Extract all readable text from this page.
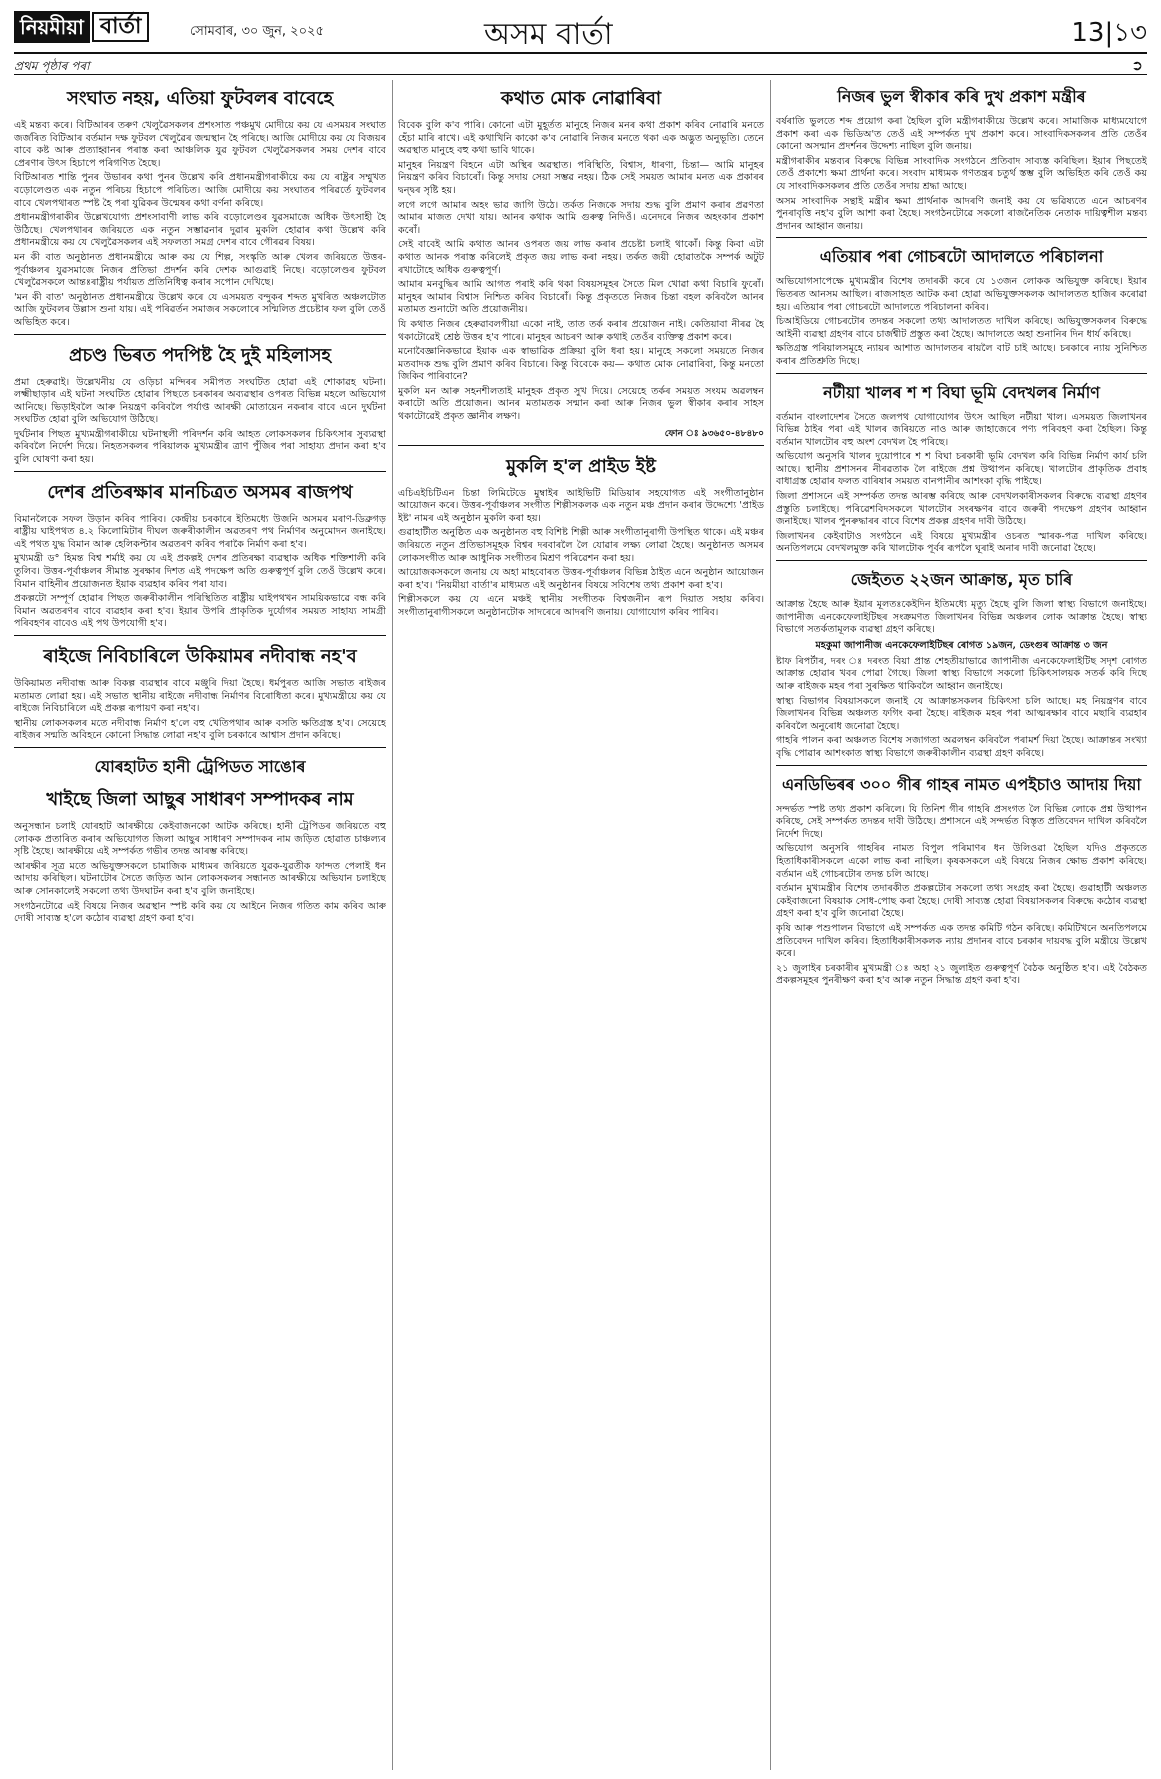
নিয়মীয়া বাৰ্তা	সোমবাৰ, ৩০ জুন, ২০২৫	অসম বাৰ্তা	13|১৩
প্ৰথম পৃষ্ঠাৰ পৰা	➲
সংঘাত নহয়, এতিয়া ফুটবলৰ বাবেহে

এই মন্তব্য কৰে। বিটিআৰৰ তৰুণ খেলুৱৈসকলৰ প্ৰশংসাত পঞ্চমুখ মোদীয়ে কয় যে এসময়ৰ সংঘাত জৰ্জৰিত বিটিআৰ বৰ্তমান দক্ষ ফুটবল খেলুৱৈৰ জন্মস্থান হৈ পৰিছে। আজি মোদীয়ে কয় যে বিজয়ৰ বাবে কষ্ট আৰু প্ৰত্যাহ্বানৰ পৰাস্ত কৰা আঞ্চলিক যুৱ ফুটবল খেলুৱৈসকলৰ সময় দেশৰ বাবে প্ৰেৰণাৰ উৎস হিচাপে পৰিগণিত হৈছে।

বিটিআৰত শান্তি পুনৰ উভাৰৰ কথা পুনৰ উল্লেখ কৰি প্ৰধানমন্ত্ৰীগৰাকীয়ে কয় যে ৰাষ্ট্ৰৰ সম্মুখত বড়োলেণ্ডত এক নতুন পৰিচয় হিচাপে পৰিচিত। আজি মোদীয়ে কয় সংঘাতৰ পৰিৱৰ্তে ফুটবলৰ বাবে খেলপথাৰত স্পষ্ট হৈ পৰা যুৱিকৰ উন্মেষৰ কথা বৰ্ণনা কৰিছে।

প্ৰধানমন্ত্ৰীগৰাকীৰ উল্লেখযোগ্য প্ৰশংসাবাণী লাভ কৰি বড়োলেণ্ডৰ যুৱসমাজে অধিক উৎসাহী হৈ উঠিছে। খেলপথাৰৰ জৰিয়তে এক নতুন সম্ভাৱনাৰ দুৱাৰ মুকলি হোৱাৰ কথা উল্লেখ কৰি প্ৰধানমন্ত্ৰীয়ে কয় যে খেলুৱৈসকলৰ এই সফলতা সমগ্ৰ দেশৰ বাবে গৌৰৱৰ বিষয়।

মন কী বাত অনুষ্ঠানত প্ৰধানমন্ত্ৰীয়ে আৰু কয় যে শিল্প, সংস্কৃতি আৰু খেলৰ জৰিয়তে উত্তৰ-পূৰ্বাঞ্চলৰ যুৱসমাজে নিজৰ প্ৰতিভা প্ৰদৰ্শন কৰি দেশক আগুৱাই নিছে। বড়োলেণ্ডৰ ফুটবল খেলুৱৈসকলে আন্তঃৰাষ্ট্ৰীয় পৰ্যায়ত প্ৰতিনিধিত্ব কৰাৰ সপোন দেখিছে।

'মন কী বাত' অনুষ্ঠানত প্ৰধানমন্ত্ৰীয়ে উল্লেখ কৰে যে এসময়ত বন্দুকৰ শব্দত মুখৰিত অঞ্চলটোত আজি ফুটবলৰ উল্লাস শুনা যায়। এই পৰিৱৰ্তন সমাজৰ সকলোৰে সন্মিলিত প্ৰচেষ্টাৰ ফল বুলি তেওঁ অভিহিত কৰে।

প্ৰচণ্ড ভিৰত পদপিষ্ট হৈ দুই মহিলাসহ

প্ৰমা হেৰুৱাই। উল্লেখনীয় যে ওড়িচা মন্দিৰৰ সমীপত সংঘটিত হোৱা এই শোকাৱহ ঘটনা। লক্ষ্মীছাড়াৰ এই ঘটনা সংঘটিত হোৱাৰ পিছতে চৰকাৰৰ অব্যৱস্থাৰ ওপৰত বিভিন্ন মহলে অভিযোগ আনিছে। ভিড়াইবলৈ আৰু নিয়ন্ত্ৰণ কৰিবলৈ পৰ্যাপ্ত আৰক্ষী মোতায়েন নকৰাৰ বাবে এনে দুৰ্ঘটনা সংঘটিত হোৱা বুলি অভিযোগ উঠিছে।

দুৰ্ঘটনাৰ পিছত মুখ্যমন্ত্ৰীগৰাকীয়ে ঘটনাস্থলী পৰিদৰ্শন কৰি আহত লোকসকলৰ চিকিৎসাৰ সুব্যৱস্থা কৰিবলৈ নিৰ্দেশ দিয়ে। নিহতসকলৰ পৰিয়ালক মুখ্যমন্ত্ৰীৰ ত্ৰাণ পুঁজিৰ পৰা সাহায্য প্ৰদান কৰা হ'ব বুলি ঘোষণা কৰা হয়।

দেশৰ প্ৰতিৰক্ষাৰ মানচিত্ৰত অসমৰ ৰাজপথ

বিমানলৈকে সফল উড়ান কৰিব পাৰিব। কেন্দ্ৰীয় চৰকাৰে ইতিমধ্যে উজনি অসমৰ মৰাণ-ডিব্ৰুগড় ৰাষ্ট্ৰীয় ঘাইপথত ৪.২ কিলোমিটাৰ দীঘল জৰুৰীকালীন অৱতৰণ পথ নিৰ্মাণৰ অনুমোদন জনাইছে। এই পথত যুদ্ধ বিমান আৰু হেলিকপ্টাৰ অৱতৰণ কৰিব পৰাকৈ নিৰ্মাণ কৰা হ'ব।

মুখ্যমন্ত্ৰী ড° হিমন্ত বিশ্ব শৰ্মাই কয় যে এই প্ৰকল্পই দেশৰ প্ৰতিৰক্ষা ব্যৱস্থাক অধিক শক্তিশালী কৰি তুলিব। উত্তৰ-পূৰ্বাঞ্চলৰ সীমান্ত সুৰক্ষাৰ দিশত এই পদক্ষেপ অতি গুৰুত্বপূৰ্ণ বুলি তেওঁ উল্লেখ কৰে। বিমান বাহিনীৰ প্ৰয়োজনত ইয়াক ব্যৱহাৰ কৰিব পৰা যাব।

প্ৰকল্পটো সম্পূৰ্ণ হোৱাৰ পিছত জৰুৰীকালীন পৰিস্থিতিত ৰাষ্ট্ৰীয় ঘাইপথখন সাময়িকভাৱে বন্ধ কৰি বিমান অৱতৰণৰ বাবে ব্যৱহাৰ কৰা হ'ব। ইয়াৰ উপৰি প্ৰাকৃতিক দুৰ্যোগৰ সময়ত সাহায্য সামগ্ৰী পৰিবহণৰ বাবেও এই পথ উপযোগী হ'ব।

ৰাইজে নিবিচাৰিলে উকিয়ামৰ নদীবান্ধ নহ'ব

উকিয়ামত নদীবান্ধ আৰু বিকল্প ব্যৱস্থাৰ বাবে মঞ্জুৰি দিয়া হৈছে। ধৰ্মপুৰত আজি সভাত ৰাইজৰ মতামত লোৱা হয়। এই সভাত স্থানীয় ৰাইজে নদীবান্ধ নিৰ্মাণৰ বিৰোধিতা কৰে। মুখ্যমন্ত্ৰীয়ে কয় যে ৰাইজে নিবিচাৰিলে এই প্ৰকল্প ৰূপায়ণ কৰা নহ'ব।

স্থানীয় লোকসকলৰ মতে নদীবান্ধ নিৰ্মাণ হ'লে বহু খেতিপথাৰ আৰু বসতি ক্ষতিগ্ৰস্ত হ'ব। সেয়েহে ৰাইজৰ সন্মতি অবিহনে কোনো সিদ্ধান্ত লোৱা নহ'ব বুলি চৰকাৰে আশ্বাস প্ৰদান কৰিছে।

যোৰহাটত হানী ট্ৰেপিডত সাঙোৰ
খাইছে জিলা আছুৰ সাধাৰণ সম্পাদকৰ নাম

অনুসন্ধান চলাই যোৰহাট আৰক্ষীয়ে কেইবাজনকো আটক কৰিছে। হানী ট্ৰেপিডৰ জৰিয়তে বহু লোকক প্ৰতাৰিত কৰাৰ অভিযোগত জিলা আছুৰ সাধাৰণ সম্পাদকৰ নাম জড়িত হোৱাত চাঞ্চল্যৰ সৃষ্টি হৈছে। আৰক্ষীয়ে এই সম্পৰ্কত গভীৰ তদন্ত আৰম্ভ কৰিছে।

আৰক্ষীৰ সূত্ৰ মতে অভিযুক্তসকলে চামাজিক মাধ্যমৰ জৰিয়তে যুৱক-যুৱতীক ফান্দত পেলাই ধন আদায় কৰিছিল। ঘটনাটোৰ সৈতে জড়িত আন লোকসকলৰ সন্ধানত আৰক্ষীয়ে অভিযান চলাইছে আৰু সোনকালেই সকলো তথ্য উদঘাটন কৰা হ'ব বুলি জনাইছে।

সংগঠনটোৱে এই বিষয়ে নিজৰ অৱস্থান স্পষ্ট কৰি কয় যে আইনে নিজৰ গতিত কাম কৰিব আৰু দোষী সাব্যস্ত হ'লে কঠোৰ ব্যৱস্থা গ্ৰহণ কৰা হ'ব।

কথাত মোক নোৱাৰিবা

বিবেক বুলি ক'ব পাৰি। কোনো এটা মুহূৰ্তত মানুহে নিজৰ মনৰ কথা প্ৰকাশ কৰিব নোৱাৰি মনতে হেঁচা মাৰি ৰাখে। এই কথাখিনি কাকো ক'ব নোৱাৰি নিজৰ মনতে থকা এক অদ্ভুত অনুভূতি। তেনে অৱস্থাত মানুহে বহু কথা ভাবি থাকে।

মানুহৰ নিয়ন্ত্ৰণ বিহনে এটা অস্থিৰ অৱস্থাত। পৰিস্থিতি, বিশ্বাস, ধাৰণা, চিন্তা— আমি মানুহৰ নিয়ন্ত্ৰণ কৰিব বিচাৰোঁ। কিন্তু সদায় সেয়া সম্ভৱ নহয়। ঠিক সেই সময়ত আমাৰ মনত এক প্ৰকাৰৰ দ্বন্দ্বৰ সৃষ্টি হয়।

লগে লগে আমাৰ অহং ভাৱ জাগি উঠে। তৰ্কত নিজকে সদায় শুদ্ধ বুলি প্ৰমাণ কৰাৰ প্ৰৱণতা আমাৰ মাজত দেখা যায়। আনৰ কথাক আমি গুৰুত্ব নিদিওঁ। এনেদৰে নিজৰ অহংকাৰ প্ৰকাশ কৰোঁ।

সেই বাবেই আমি কথাত আনৰ ওপৰত জয় লাভ কৰাৰ প্ৰচেষ্টা চলাই থাকোঁ। কিন্তু কিবা এটা কথাত আনক পৰাস্ত কৰিলেই প্ৰকৃত জয় লাভ কৰা নহয়। তৰ্কত জয়ী হোৱাতকৈ সম্পৰ্ক অটুট ৰখাটোহে অধিক গুৰুত্বপূৰ্ণ।

আমাৰ মনবুদ্ধিৰ আমি আগত পৰাই কৰি থকা বিষয়সমূহৰ সৈতে মিল খোৱা কথা বিচাৰি ফুৰোঁ। মানুহৰ আমাৰ বিশ্বাস নিশ্চিত কৰিব বিচাৰোঁ। কিন্তু প্ৰকৃততে নিজৰ চিন্তা বহল কৰিবলৈ আনৰ মতামত শুনাটো অতি প্ৰয়োজনীয়।

যি কথাত নিজৰ হেৰুৱাবলগীয়া একো নাই, তাত তৰ্ক কৰাৰ প্ৰয়োজন নাই। কেতিয়াবা নীৰৱ হৈ থকাটোৱেই শ্ৰেষ্ঠ উত্তৰ হ'ব পাৰে। মানুহৰ আচৰণ আৰু কথাই তেওঁৰ ব্যক্তিত্ব প্ৰকাশ কৰে।

মনোবৈজ্ঞানিকভাৱে ইয়াক এক স্বাভাৱিক প্ৰক্ৰিয়া বুলি ধৰা হয়। মানুহে সকলো সময়তে নিজৰ মতবাদক শুদ্ধ বুলি প্ৰমাণ কৰিব বিচাৰে। কিন্তু বিবেকে কয়— কথাত মোক নোৱাৰিবা, কিন্তু মনতো জিকিব পাৰিবানে?

মুকলি মন আৰু সহনশীলতাই মানুহক প্ৰকৃত সুখ দিয়ে। সেয়েহে তৰ্কৰ সময়ত সংযম অৱলম্বন কৰাটো অতি প্ৰয়োজন। আনৰ মতামতক সন্মান কৰা আৰু নিজৰ ভুল স্বীকাৰ কৰাৰ সাহস থকাটোৱেই প্ৰকৃত জ্ঞানীৰ লক্ষণ।

ফোন ঃ ৯৩৬৫০-৪৮৪৮০
মুকলি হ'ল প্ৰাইড ইষ্ট

এচিএইচিটিএন চিন্তা লিমিটেডে মুম্বাইৰ আইভিটি মিডিয়াৰ সহযোগত এই সংগীতানুষ্ঠান আয়োজন কৰে। উত্তৰ-পূৰ্বাঞ্চলৰ সংগীত শিল্পীসকলক এক নতুন মঞ্চ প্ৰদান কৰাৰ উদ্দেশ্যে 'প্ৰাইড ইষ্ট' নামৰ এই অনুষ্ঠান মুকলি কৰা হয়।

গুৱাহাটীত অনুষ্ঠিত এক অনুষ্ঠানত বহু বিশিষ্ট শিল্পী আৰু সংগীতানুৰাগী উপস্থিত থাকে। এই মঞ্চৰ জৰিয়তে নতুন প্ৰতিভাসমূহক বিশ্বৰ দৰবাৰলৈ লৈ যোৱাৰ লক্ষ্য লোৱা হৈছে। অনুষ্ঠানত অসমৰ লোকসংগীত আৰু আধুনিক সংগীতৰ মিশ্ৰণ পৰিৱেশন কৰা হয়।

আয়োজকসকলে জনায় যে অহা মাহবোৰত উত্তৰ-পূৰ্বাঞ্চলৰ বিভিন্ন ঠাইত এনে অনুষ্ঠান আয়োজন কৰা হ'ব। 'নিয়মীয়া বাৰ্তা'ৰ মাধ্যমত এই অনুষ্ঠানৰ বিষয়ে সবিশেষ তথ্য প্ৰকাশ কৰা হ'ব।

শিল্পীসকলে কয় যে এনে মঞ্চই স্থানীয় সংগীতক বিশ্বজনীন ৰূপ দিয়াত সহায় কৰিব। সংগীতানুৰাগীসকলে অনুষ্ঠানটোক সাদৰেৰে আদৰণি জনায়। যোগাযোগ কৰিব পাৰিব।

নিজৰ ভুল স্বীকাৰ কৰি দুখ প্ৰকাশ মন্ত্ৰীৰ

বৰ্ষৰাতি ভুলতে শব্দ প্ৰয়োগ কৰা হৈছিল বুলি মন্ত্ৰীগৰাকীয়ে উল্লেখ কৰে। সামাজিক মাধ্যমযোগে প্ৰকাশ কৰা এক ভিডিঅ'ত তেওঁ এই সম্পৰ্কত দুখ প্ৰকাশ কৰে। সাংবাদিকসকলৰ প্ৰতি তেওঁৰ কোনো অসন্মান প্ৰদৰ্শনৰ উদ্দেশ্য নাছিল বুলি জনায়।

মন্ত্ৰীগৰাকীৰ মন্তব্যৰ বিৰুদ্ধে বিভিন্ন সাংবাদিক সংগঠনে প্ৰতিবাদ সাব্যস্ত কৰিছিল। ইয়াৰ পিছতেই তেওঁ প্ৰকাশ্যে ক্ষমা প্ৰাৰ্থনা কৰে। সংবাদ মাধ্যমক গণতন্ত্ৰৰ চতুৰ্থ স্তম্ভ বুলি অভিহিত কৰি তেওঁ কয় যে সাংবাদিকসকলৰ প্ৰতি তেওঁৰ সদায় শ্ৰদ্ধা আছে।

অসম সাংবাদিক সন্থাই মন্ত্ৰীৰ ক্ষমা প্ৰাৰ্থনাক আদৰণি জনাই কয় যে ভৱিষ্যতে এনে আচৰণৰ পুনৰাবৃত্তি নহ'ব বুলি আশা কৰা হৈছে। সংগঠনটোৱে সকলো ৰাজনৈতিক নেতাক দায়িত্বশীল মন্তব্য প্ৰদানৰ আহ্বান জনায়।

এতিয়াৰ পৰা গোচৰটো আদালতে পৰিচালনা

অভিযোগসাপেক্ষে মুখ্যমন্ত্ৰীৰ বিশেষ তদাৰকী কৰে যে ১৩জন লোকক অভিযুক্ত কৰিছে। ইয়াৰ ভিতৰত আনসম আছিল। ৰাজসাহত আটক কৰা হোৱা অভিযুক্তসকলক আদালতত হাজিৰ কৰোৱা হয়। এতিয়াৰ পৰা গোচৰটো আদালতে পৰিচালনা কৰিব।

চিআইডিয়ে গোচৰটোৰ তদন্তৰ সকলো তথ্য আদালতত দাখিল কৰিছে। অভিযুক্তসকলৰ বিৰুদ্ধে আইনী ব্যৱস্থা গ্ৰহণৰ বাবে চাৰ্জশ্বীট প্ৰস্তুত কৰা হৈছে। আদালতে অহা শুনানিৰ দিন ধাৰ্য কৰিছে।

ক্ষতিগ্ৰস্ত পৰিয়ালসমূহে ন্যায়ৰ আশাত আদালতৰ ৰায়লৈ বাট চাই আছে। চৰকাৰে ন্যায় সুনিশ্চিত কৰাৰ প্ৰতিশ্ৰুতি দিছে।

নটীয়া খালৰ শ শ বিঘা ভূমি বেদখলৰ নিৰ্মাণ

বৰ্তমান বাংলাদেশৰ সৈতে জলপথ যোগাযোগৰ উৎস আছিল নটীয়া খাল। এসময়ত জিলাখনৰ বিভিন্ন ঠাইৰ পৰা এই খালৰ জৰিয়তে নাও আৰু জাহাজেৰে পণ্য পৰিবহণ কৰা হৈছিল। কিন্তু বৰ্তমান খালটোৰ বহু অংশ বেদখল হৈ পৰিছে।

অভিযোগ অনুসৰি খালৰ দুয়োপাৰে শ শ বিঘা চৰকাৰী ভূমি বেদখল কৰি বিভিন্ন নিৰ্মাণ কাৰ্য চলি আছে। স্থানীয় প্ৰশাসনৰ নীৰৱতাক লৈ ৰাইজে প্ৰশ্ন উত্থাপন কৰিছে। খালটোৰ প্ৰাকৃতিক প্ৰবাহ বাধাগ্ৰস্ত হোৱাৰ ফলত বাৰিষাৰ সময়ত বানপানীৰ আশংকা বৃদ্ধি পাইছে।

জিলা প্ৰশাসনে এই সম্পৰ্কত তদন্ত আৰম্ভ কৰিছে আৰু বেদখলকাৰীসকলৰ বিৰুদ্ধে ব্যৱস্থা গ্ৰহণৰ প্ৰস্তুতি চলাইছে। পৰিৱেশবিদসকলে খালটোৰ সংৰক্ষণৰ বাবে জৰুৰী পদক্ষেপ গ্ৰহণৰ আহ্বান জনাইছে। খালৰ পুনৰুদ্ধাৰৰ বাবে বিশেষ প্ৰকল্প গ্ৰহণৰ দাবী উঠিছে।

জিলাখনৰ কেইবাটাও সংগঠনে এই বিষয়ে মুখ্যমন্ত্ৰীৰ ওচৰত স্মাৰক-পত্ৰ দাখিল কৰিছে। অনতিপলমে বেদখলমুক্ত কৰি খালটোক পূৰ্বৰ ৰূপলৈ ঘূৰাই অনাৰ দাবী জনোৱা হৈছে।

জেইতত ২২জন আক্ৰান্ত, মৃত চাৰি

আক্ৰান্ত হৈছে আৰু ইয়াৰ মূলতঃকেইদিন ইতিমধ্যে মৃত্যু হৈছে বুলি জিলা স্বাস্থ্য বিভাগে জনাইছে। জাপানীজ এনকেফেলাইটিছৰ সংক্ৰমণত জিলাখনৰ বিভিন্ন অঞ্চলৰ লোক আক্ৰান্ত হৈছে। স্বাস্থ্য বিভাগে সতৰ্কতামূলক ব্যৱস্থা গ্ৰহণ কৰিছে।

মহকুমা জাপানীজ এনকেফেলাইটিছৰ ৰোগত ১৯জন, ডেংগুৰ আক্ৰান্ত ৩ জন

ষ্টাফ ৰিপৰ্টাৰ, দৰং ঃ দৰংত বিয়া প্ৰান্ত শেহতীয়াভাৱে জাপানীজ এনকেফেলাইটিছ সদৃশ ৰোগত আক্ৰান্ত হোৱাৰ খবৰ পোৱা গৈছে। জিলা স্বাস্থ্য বিভাগে সকলো চিকিৎসালয়ক সতৰ্ক কৰি দিছে আৰু ৰাইজক মহৰ পৰা সুৰক্ষিত থাকিবলৈ আহ্বান জনাইছে।

স্বাস্থ্য বিভাগৰ বিষয়াসকলে জনাই যে আক্ৰান্তসকলৰ চিকিৎসা চলি আছে। মহ নিয়ন্ত্ৰণৰ বাবে জিলাখনৰ বিভিন্ন অঞ্চলত ফগিং কৰা হৈছে। ৰাইজক মহৰ পৰা আত্মৰক্ষাৰ বাবে মছাৰি ব্যৱহাৰ কৰিবলৈ অনুৰোধ জনোৱা হৈছে।

গাহৰি পালন কৰা অঞ্চলত বিশেষ সজাগতা অৱলম্বন কৰিবলৈ পৰামৰ্শ দিয়া হৈছে। আক্ৰান্তৰ সংখ্যা বৃদ্ধি পোৱাৰ আশংকাত স্বাস্থ্য বিভাগে জৰুৰীকালীন ব্যৱস্থা গ্ৰহণ কৰিছে।

এনডিভিৰৰ ৩০০ গীৰ গাহৰ নামত এপইচাও আদায় দিয়া

সন্দৰ্ভত স্পষ্ট তথ্য প্ৰকাশ কৰিলে। যি তিনিশ গীৰ গাহৰি প্ৰসংগত লৈ বিভিন্ন লোকে প্ৰশ্ন উত্থাপন কৰিছে, সেই সম্পৰ্কত তদন্তৰ দাবী উঠিছে। প্ৰশাসনে এই সন্দৰ্ভত বিস্তৃত প্ৰতিবেদন দাখিল কৰিবলৈ নিৰ্দেশ দিছে।

অভিযোগ অনুসৰি গাহৰিৰ নামত বিপুল পৰিমাণৰ ধন উলিওৱা হৈছিল যদিও প্ৰকৃততে হিতাধিকাৰীসকলে একো লাভ কৰা নাছিল। কৃষকসকলে এই বিষয়ে নিজৰ ক্ষোভ প্ৰকাশ কৰিছে। বৰ্তমান এই গোচৰটোৰ তদন্ত চলি আছে।

বৰ্তমান মুখ্যমন্ত্ৰীৰ বিশেষ তদাৰকীত প্ৰকল্পটোৰ সকলো তথ্য সংগ্ৰহ কৰা হৈছে। গুৱাহাটী অঞ্চলত কেইবাজনো বিষয়াক সোধ-পোছ কৰা হৈছে। দোষী সাব্যস্ত হোৱা বিষয়াসকলৰ বিৰুদ্ধে কঠোৰ ব্যৱস্থা গ্ৰহণ কৰা হ'ব বুলি জনোৱা হৈছে।

কৃষি আৰু পশুপালন বিভাগে এই সম্পৰ্কত এক তদন্ত কমিটি গঠন কৰিছে। কমিটিখনে অনতিপলমে প্ৰতিবেদন দাখিল কৰিব। হিতাধিকাৰীসকলক ন্যায় প্ৰদানৰ বাবে চৰকাৰ দায়বদ্ধ বুলি মন্ত্ৰীয়ে উল্লেখ কৰে।

২১ জুলাইৰ চৰকাৰীৰ মুখ্যমন্ত্ৰী ঃ অহা ২১ জুলাইত গুৰুত্বপূৰ্ণ বৈঠক অনুষ্ঠিত হ'ব। এই বৈঠকত প্ৰকল্পসমূহৰ পুনৰীক্ষণ কৰা হ'ব আৰু নতুন সিদ্ধান্ত গ্ৰহণ কৰা হ'ব।
